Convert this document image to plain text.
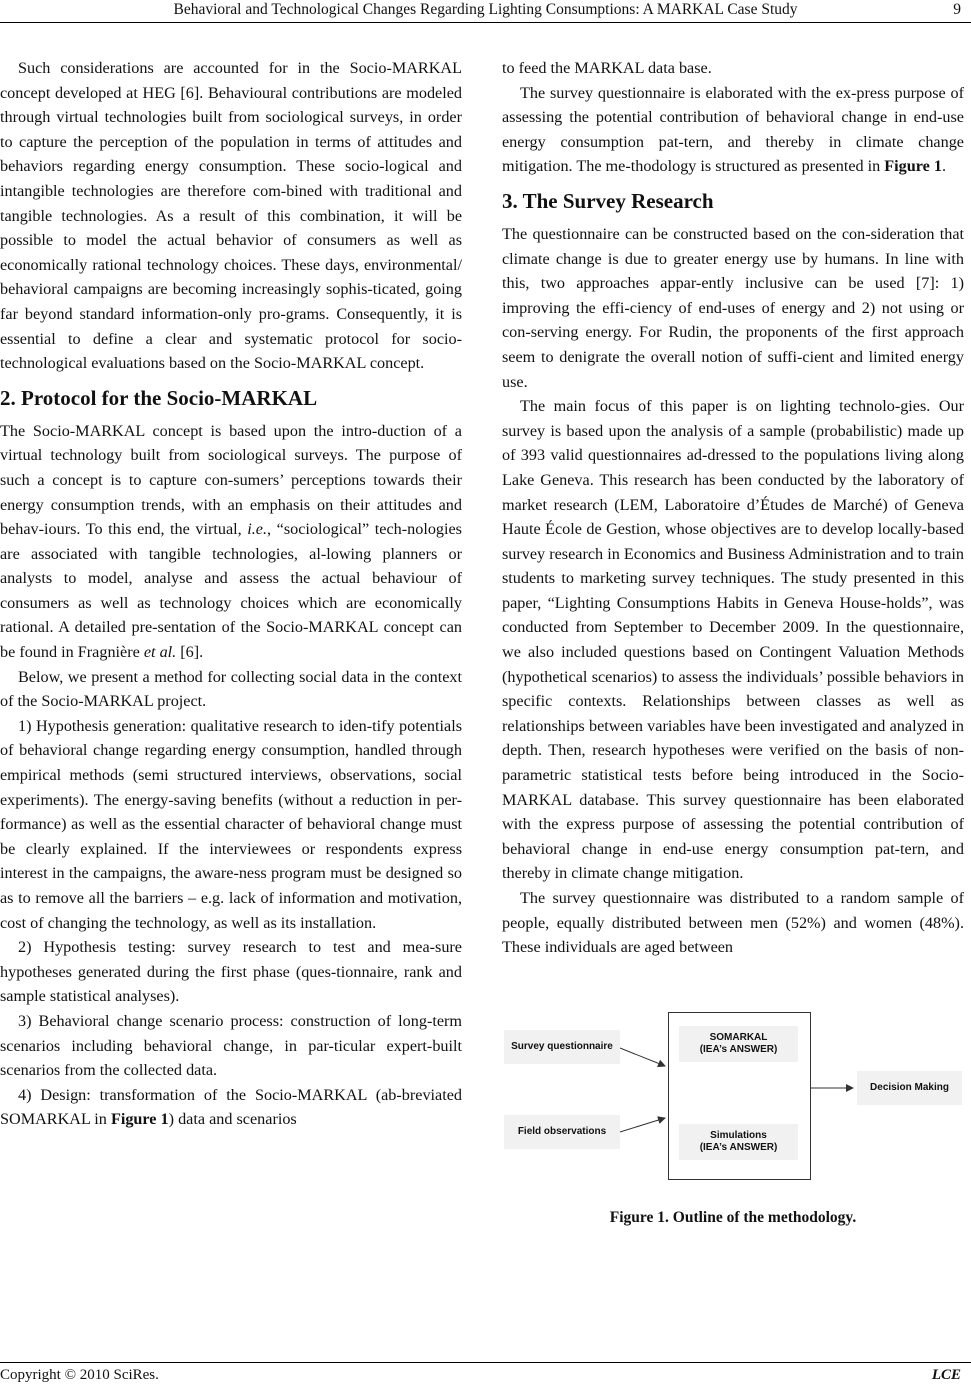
Behavioral and Technological Changes Regarding Lighting Consumptions: A MARKAL Case Study	9

Such considerations are accounted for in the Socio-MARKAL concept developed at HEG [6]. Behavioural contributions are modeled through virtual technologies built from sociological surveys, in order to capture the perception of the population in terms of attitudes and behaviors regarding energy consumption. These socio-logical and intangible technologies are therefore com-bined with traditional and tangible technologies. As a result of this combination, it will be possible to model the actual behavior of consumers as well as economically rational technology choices. These days, environmental/ behavioral campaigns are becoming increasingly sophis-ticated, going far beyond standard information-only pro-grams. Consequently, it is essential to define a clear and systematic protocol for socio-technological evaluations based on the Socio-MARKAL concept.

2. Protocol for the Socio-MARKAL

The Socio-MARKAL concept is based upon the intro-duction of a virtual technology built from sociological surveys. The purpose of such a concept is to capture con-sumers’ perceptions towards their energy consumption trends, with an emphasis on their attitudes and behav-iours. To this end, the virtual, i.e., “sociological” tech-nologies are associated with tangible technologies, al-lowing planners or analysts to model, analyse and assess the actual behaviour of consumers as well as technology choices which are economically rational. A detailed pre-sentation of the Socio-MARKAL concept can be found in Fragnière et al. [6].

Below, we present a method for collecting social data in the context of the Socio-MARKAL project.

1) Hypothesis generation: qualitative research to iden-tify potentials of behavioral change regarding energy consumption, handled through empirical methods (semi structured interviews, observations, social experiments). The energy-saving benefits (without a reduction in per-formance) as well as the essential character of behavioral change must be clearly explained. If the interviewees or respondents express interest in the campaigns, the aware-ness program must be designed so as to remove all the barriers – e.g. lack of information and motivation, cost of changing the technology, as well as its installation.

2) Hypothesis testing: survey research to test and mea-sure hypotheses generated during the first phase (ques-tionnaire, rank and sample statistical analyses).

3) Behavioral change scenario process: construction of long-term scenarios including behavioral change, in par-ticular expert-built scenarios from the collected data.

4) Design: transformation of the Socio-MARKAL (ab-breviated SOMARKAL in Figure 1) data and scenarios

to feed the MARKAL data base.

The survey questionnaire is elaborated with the ex-press purpose of assessing the potential contribution of behavioral change in end-use energy consumption pat-tern, and thereby in climate change mitigation. The me-thodology is structured as presented in Figure 1.

3. The Survey Research

The questionnaire can be constructed based on the con-sideration that climate change is due to greater energy use by humans. In line with this, two approaches appar-ently inclusive can be used [7]: 1) improving the effi-ciency of end-uses of energy and 2) not using or con-serving energy. For Rudin, the proponents of the first approach seem to denigrate the overall notion of suffi-cient and limited energy use.

The main focus of this paper is on lighting technolo-gies. Our survey is based upon the analysis of a sample (probabilistic) made up of 393 valid questionnaires ad-dressed to the populations living along Lake Geneva. This research has been conducted by the laboratory of market research (LEM, Laboratoire d’Études de Marché) of Geneva Haute École de Gestion, whose objectives are to develop locally-based survey research in Economics and Business Administration and to train students to marketing survey techniques. The study presented in this paper, “Lighting Consumptions Habits in Geneva House-holds”, was conducted from September to December 2009. In the questionnaire, we also included questions based on Contingent Valuation Methods (hypothetical scenarios) to assess the individuals’ possible behaviors in specific contexts. Relationships between classes as well as relationships between variables have been investigated and analyzed in depth. Then, research hypotheses were verified on the basis of non-parametric statistical tests before being introduced in the Socio-MARKAL database. This survey questionnaire has been elaborated with the express purpose of assessing the potential contribution of behavioral change in end-use energy consumption pat-tern, and thereby in climate change mitigation.

The survey questionnaire was distributed to a random sample of people, equally distributed between men (52%) and women (48%). These individuals are aged between

Survey questionnaire
Field observations
SOMARKAL
(IEA’s ANSWER)
Simulations
(IEA’s ANSWER)
Decision Making
Figure 1. Outline of the methodology.
Copyright © 2010 SciRes.	LCE
